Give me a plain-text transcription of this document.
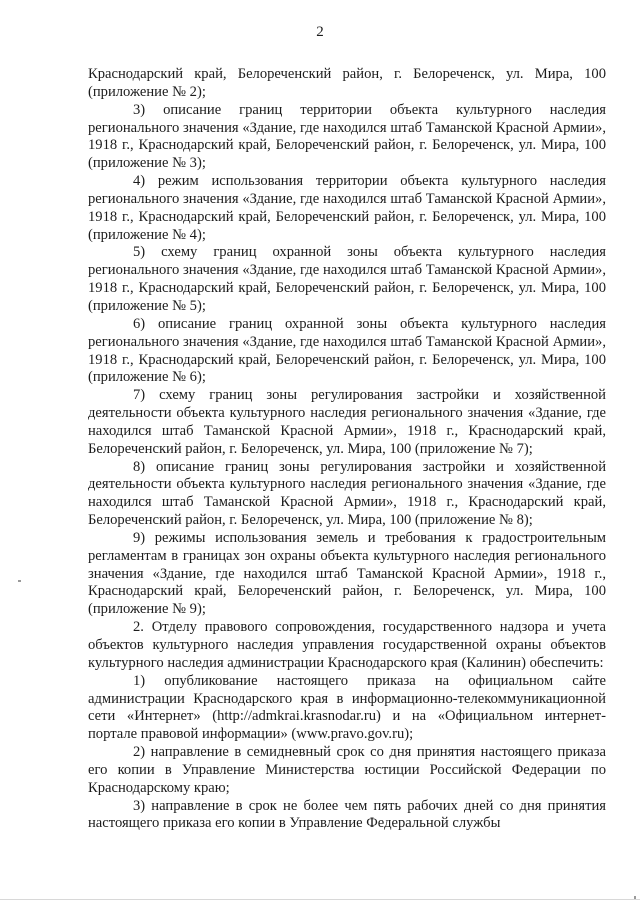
2

Краснодарский край, Белореченский район, г. Белореченск, ул. Мира, 100 (приложение № 2);

3) описание границ территории объекта культурного наследия регионального значения «Здание, где находился штаб Таманской Красной Армии», 1918 г., Краснодарский край, Белореченский район, г. Белореченск, ул. Мира, 100 (приложение № 3);

4) режим использования территории объекта культурного наследия регионального значения «Здание, где находился штаб Таманской Красной Армии», 1918 г., Краснодарский край, Белореченский район, г. Белореченск, ул. Мира, 100 (приложение № 4);

5) схему границ охранной зоны объекта культурного наследия регионального значения «Здание, где находился штаб Таманской Красной Армии», 1918 г., Краснодарский край, Белореченский район, г. Белореченск, ул. Мира, 100 (приложение № 5);

6) описание границ охранной зоны объекта культурного наследия регионального значения «Здание, где находился штаб Таманской Красной Армии», 1918 г., Краснодарский край, Белореченский район, г. Белореченск, ул. Мира, 100 (приложение № 6);

7) схему границ зоны регулирования застройки и хозяйственной деятельности объекта культурного наследия регионального значения «Здание, где находился штаб Таманской Красной Армии», 1918 г., Краснодарский край, Белореченский район, г. Белореченск, ул. Мира, 100 (приложение № 7);

8) описание границ зоны регулирования застройки и хозяйственной деятельности объекта культурного наследия регионального значения «Здание, где находился штаб Таманской Красной Армии», 1918 г., Краснодарский край, Белореченский район, г. Белореченск, ул. Мира, 100 (приложение № 8);

9) режимы использования земель и требования к градостроительным регламентам в границах зон охраны объекта культурного наследия регионального значения «Здание, где находился штаб Таманской Красной Армии», 1918 г., Краснодарский край, Белореченский район, г. Белореченск, ул. Мира, 100 (приложение № 9);

2. Отделу правового сопровождения, государственного надзора и учета объектов культурного наследия управления государственной охраны объектов культурного наследия администрации Краснодарского края (Калинин) обеспечить:

1) опубликование настоящего приказа на официальном сайте администрации Краснодарского края в информационно-телекоммуникационной сети «Интернет» (http://admkrai.krasnodar.ru) и на «Официальном интернет-портале правовой информации» (www.pravo.gov.ru);

2) направление в семидневный срок со дня принятия настоящего приказа его копии в Управление Министерства юстиции Российской Федерации по Краснодарскому краю;

3) направление в срок не более чем пять рабочих дней со дня принятия настоящего приказа его копии в Управление Федеральной службы
